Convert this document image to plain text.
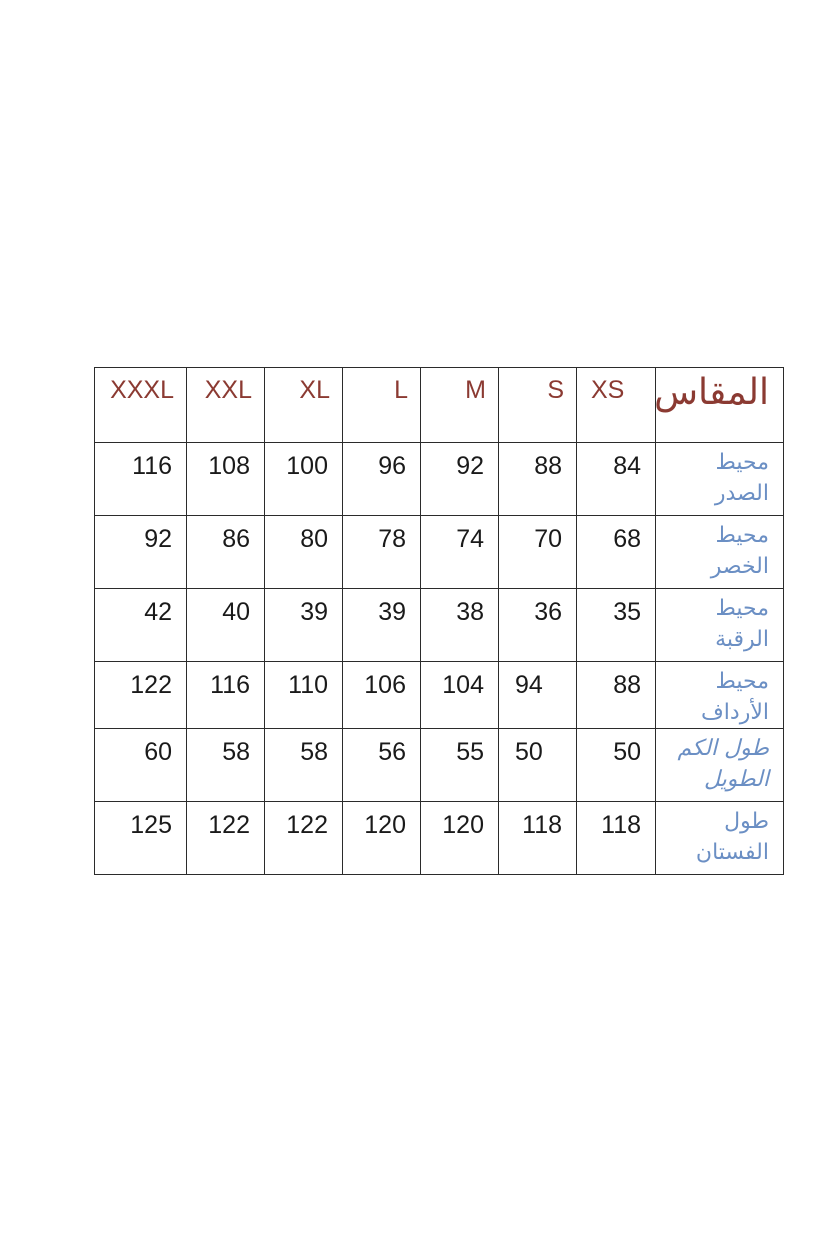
XXXL	XXL	XL	L	M	S	XS	المقاس
116	108	100	96	92	88	84	محيط الصدر
92	86	80	78	74	70	68	محيط الخصر
42	40	39	39	38	36	35	محيط الرقبة
122	116	110	106	104	94	88	محيط الأرداف
60	58	58	56	55	50	50	طول الكم الطويل
125	122	122	120	120	118	118	طول الفستان
